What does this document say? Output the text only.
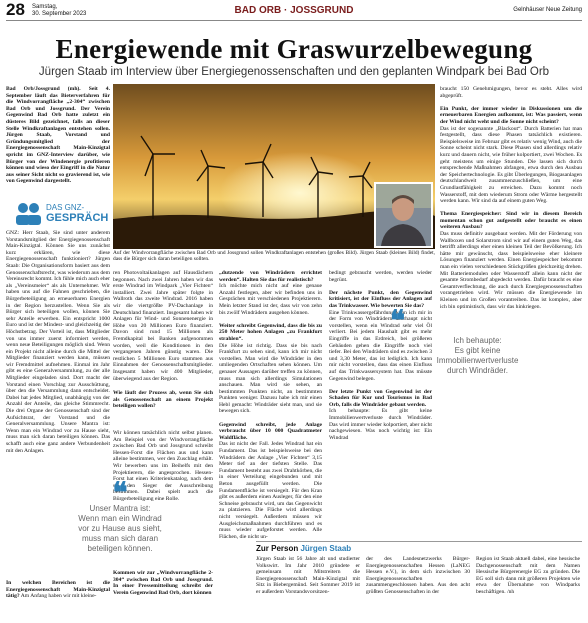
28 Samstag,
30. September 2023	BAD ORB · JOSSGRUND	Gelnhäuser Neue Zeitung
Energiewende mit Graswurzelbewegung
Jürgen Staab im Interview über Energiegenossenschaften und den geplanten Windpark bei Bad Orb
Bad Orb/Jossgrund (mh). Seit 4. September läuft das Bieterverfahren für die Windvorrangfläche „2-304“ zwischen Bad Orb und Jossgrund. Der Verein Gegenwind Bad Orb hatte zuletzt ein düsteres Bild gezeichnet, falls an dieser Stelle Windkraftanlagen entstehen sollen. Jürgen Staab, Vorstand und Gründungsmitglied der Energiegenossenschaft Main-Kinzigtal spricht im GNZ-Interview darüber, wie Bürger von der Windenergie profitieren können und wieso der Eingriff in die Natur aus seiner Sicht nicht so gravierend ist, wie von Gegenwind dargestellt.
DAS GNZ-
GESPRÄCH
GNZ: Herr Staab, Sie sind unter anderem Vorstandsmitglied der Energiegenossenschaft Main-Kinzigtal. Können Sie uns zunächst kurz erklären, wie diese Energiegenossenschaft funktioniert? Jürgen Staab: Die Organisationsform basiert aus dem Genossenschaftsrecht, was wiederum aus dem Vereinsrecht kommt. Ich fühle mich auch eher als „Vereinsmeier“ als als Unternehmer. Wir haben uns auf die Fahnen geschrieben, die Bürgerbeteiligung an erneuerbaren Energien in der Region herzustellen. Wenn Sie als Bürger sich beteiligen wollen, können Sie sehr Anteile erwerben. Ein entspricht 1000 Euro und ist der Mindest- und gleichzeitig der Höchstbetrag. Der Vorteil ist, dass Mitglieder von uns immer zuerst informiert werden, wenn neue Beteiligungen möglich sind. Wenn ein Projekt nicht alleine durch die Mittel der Mitglieder finanziert werden kann, müssen wir Fremdmittel aufnehmen. Einmal im Jahr gibt es eine Generalversammlung, zu der alle Mitglieder eingeladen sind. Dort macht der Vorstand einen Vorschlag zur Ausschüttung, über den die Versammlung dann entscheidet. Dabei hat jedes Mitglied, unabhängig von der Anzahl der Anteile, das gleiche Stimmrecht. Die drei Organe der Genossenschaft sind der Aufsichtsrat, der Vorstand und die Generalversammlung. Unsere Mantra ist: Wenn man ein Windrad vor zu Hause sieht, muss man sich daran beteiligen können. Das schafft auch eine ganz andere Verbundenheit mit den Anlagen.
In welchen Bereichen ist die Energiegenossenschaft Main-Kinzigtal tätig? Am Anfang haben wir mit kleine-
Auf der Windvorrangfläche zwischen Bad Orb und Jossgrund sollen Windkraftanlagen entstehen (großes Bild). Jürgen Staab (kleines Bild) findet, dass die Bürger sich daran beteiligen sollten.
ren Photovoltaikanlagen auf Hausdächern begonnen. Nach zwei Jahren haben wir das erste Windrad im Windpark „Vier Fichten“ installiert. Zwei Jahre später folgte in Wallroth das zweite Windrad. 2016 haben wir die viertgrößte PV-Dachanlage in Deutschland finanziert. Insgesamt haben wir Anlagen für Wind- und Sonnenenergie in Höhe von 20 Millionen Euro finanziert. Davon sind rund 15 Millionen als Fremdkapital bei Banken aufgenommen worden, weil die Konditionen in den vergangenen Jahren günstig waren. Die restlichen 5 Millionen Euro stammen aus Einnahmen der Genossenschaftsmitglieder. Insgesamt haben wir 400 Mitglieder, überwiegend aus der Region.
Wie läuft der Prozess ab, wenn Sie sich als Genossenschaft an einem Projekt beteiligen wollen?
Wir können tatsächlich nicht selbst planen. Am Beispiel von der Windvorrangfläche zwischen Bad Orb und Jossgrund schreibt Hessen-Forst die Flächen aus und kann alleine bestimmen, wer den Zuschlag erhält. Wir bewerben uns im Beihelfs mit den Projektierern, die angesprochen. Hessen-Forst hat einen Kriterienkatalog, nach dem sie den Sieger der Ausschreibung bestimmen. Dabei spielt auch die Bürgerbeteiligung eine Rolle.
Kommen wir zur „Windvorrangfläche 2-304“ zwischen Bad Orb und Jossgrund. In einer Pressemitteilung schreibt der Verein Gegenwind Bad Orb, dort können
❝
Unser Mantra ist:
Wenn man ein Windrad
vor zu Hause aus sieht,
muss man sich daran
beteiligen können.
„dutzende von Windrädern errichtet werden“. Halten Sie das für realistisch?
Ich möchte mich nicht auf eine genaue Anzahl festlegen, aber wir befinden uns in Gesprächen mit verschiedenen Projektierern. Mein letzter Stand ist der, dass wir von zehn bis zwölf Windrädern ausgehen können.

Weiter schreibt Gegenwind, dass die bis zu 250 Meter hohen Anlagen „zu Frankfurt strahlen“.
Die Höhe ist richtig. Dass sie bis nach Frankfurt zu sehen sind, kann ich mir nicht vorstellen. Man wird die Windräder in den umliegenden Ortschaften sehen können. Um genauer Aussagen darüber treffen zu können, muss man sich allerdings Simulationen anschauen. Man wird sie sehen, an bestimmten Punkten nicht, an bestimmten Punkten weniger. Dazusu habe ich mir einen Hebl gemacht: Windräder sieht man, und sie bewegen sich.

Gegenwind schreibt, jede Anlage verbraucht über 10 000 Quadratmeter Waldfläche.
Das ist nicht der Fall. Jedes Windrad hat ein Fundament. Das ist beispielsweise bei den Windrädern der Anlage „Vier Fichten“ 3,15 Meter tief an der tiefsten Stelle. Das Fundament besteht aus zwei Drahtkörben, die in einer Verteilung eingebunden und mit Beton ausgefüllt werden. Die Fundamentfläche ist versiegelt. Für den Kran gibt es außerdem einen Ausleger, für den eine Schneise gebraucht wird, um das Gegenwicht zu platzieren. Die Fläche wird allerdings nicht versiegelt. Außerdem müssen wir Ausgleichsmaßnahmen durchführen und es muss wieder aufgeforstet werden. Alle Flächen, die nicht un-
bedingt gebraucht werden, werden wieder begrünt.

Der nächste Punkt, den Gegenwind kritisiert, ist der Einfluss der Anlagen auf das Trinkwasser. Wie bewerten Sie das?
Eine Trinkwassergefährdung kann ich mir in der Form von Windrädern überhaupt nicht vorstellen, wenn ein Windrad sehr viel Öl verliert. Bei jedem Haushalt gibt es mehr Eingriffe in das Erdreich, bei größeren Gebäuden gehen die Eingriffe noch viel tiefer. Bei den Windrädern sind es zwischen 3 und 3,30 Meter, das ist lediglich. Ich kann mir nicht vorstellen, dass das einen Einfluss auf das Trinkwassersystem hat. Das müsste Gegenwind belegen.

Der letzte Punkt von Gegenwind ist der Schaden für Kur und Tourismus in Bad Orb, falls die Windräder gebaut werden.
Ich behaupte: Es gibt keine Immobilienwertverluste durch Windräder. Das wird immer wieder kolportiert, aber nicht nachgewiesen. Was noch wichtig ist: Ein Windrad
❝
Ich behaupte:
Es gibt keine
Immobilienwertverluste
durch Windräder.
braucht 150 Genehmigungen, bevor es steht. Alles wird abgeprüft.

Ein Punkt, der immer wieder in Diskussionen um die erneuerbaren Energien aufkommt, ist: Was passiert, wenn der Wind nicht weht und die Sonne nicht scheint?
Das ist der sogenannte „Blackout“. Durch Batterien hat man festgestellt, dass diese Phasen tatsächlich existieren. Beispielsweise im Februar gibt es relativ wenig Wind, auch die Sonne scheint nicht stark. Diese Phasen sind allerdings relativ kurz und dauern nicht, wie früher kolportiert, zwei Wochen. Es geht meistens um einige Stunden. Die lassen sich durch entsprechende Maßnahmen abfangen, etwa durch den Ausbau der Speichertechnologie. Es gibt Überlegungen, Biogasanlagen deutschlandweit zusammenzuschließen, um eine Grundlastfähigkeit zu erreichen. Dazu kommt noch Wasserstoff, mit dem wiederum Strom oder Wärme hergestellt werden kann. Wir sind da auf einem guten Weg.

Thema Energiespeicher: Sind wir in diesem Bereich momentan schon gut aufgestellt oder braucht es einen weiteren Ausbau?
Das muss definitiv ausgebaut werden. Mit der Förderung von Wallboxen und Solarstrom sind wir auf einem guten Weg, das betrifft allerdings eher einen kleinen Teil der Bevölkerung. Ich hätte mir gewünscht, dass beispielsweise eher kleinere Lösungen finanziert werden. Einen Energiespeicher bekommt man ein vielen verschiedenen Stückgrößen gleichzeitig drehen. Mit Batteriemodulen oder Wasserstoff allein kann nicht der gesamte Strombedarf abgedeckt werden. Dafür braucht es eine Gesamtverflechtung, die auch durch Energiegenossenschaften vorangetrieben wird. Wir müssen die Energiewende im Kleinen und im Großen vorantreiben. Das ist komplex, aber ich bin optimistisch, dass wir das hinkriegen.
Zur Person Jürgen Staab
Jürgen Staab ist 56 Jahre alt und studierter Volkswirt. Im Jahr 2010 gründete er gemeinsam mit Mitstreitern die Energiegenossenschaft Main-Kinzigtal mit Sitz in Biebergemünd. Seit Sommer 2019 ist er außerdem Vorstandsvorsitzen-
der des Landesnetzwerks Bürger-Energiegenossenschaften Hessen (LaNEG Hessen e.V.), in dem sich inzwischen 30 Energiegenossenschaften zusammengeschlossen haben. Aus den acht größten Genossenschaften in der
Region ist Staab aktuell dabei, eine hessische Dachgenossenschaft mit dem Namen Hessische Bürgerenergie EG zu gründen. Die EG soll sich dann mit größeren Projekten wie etwa der Übernahme von Windparks beschäftigen. /nh
